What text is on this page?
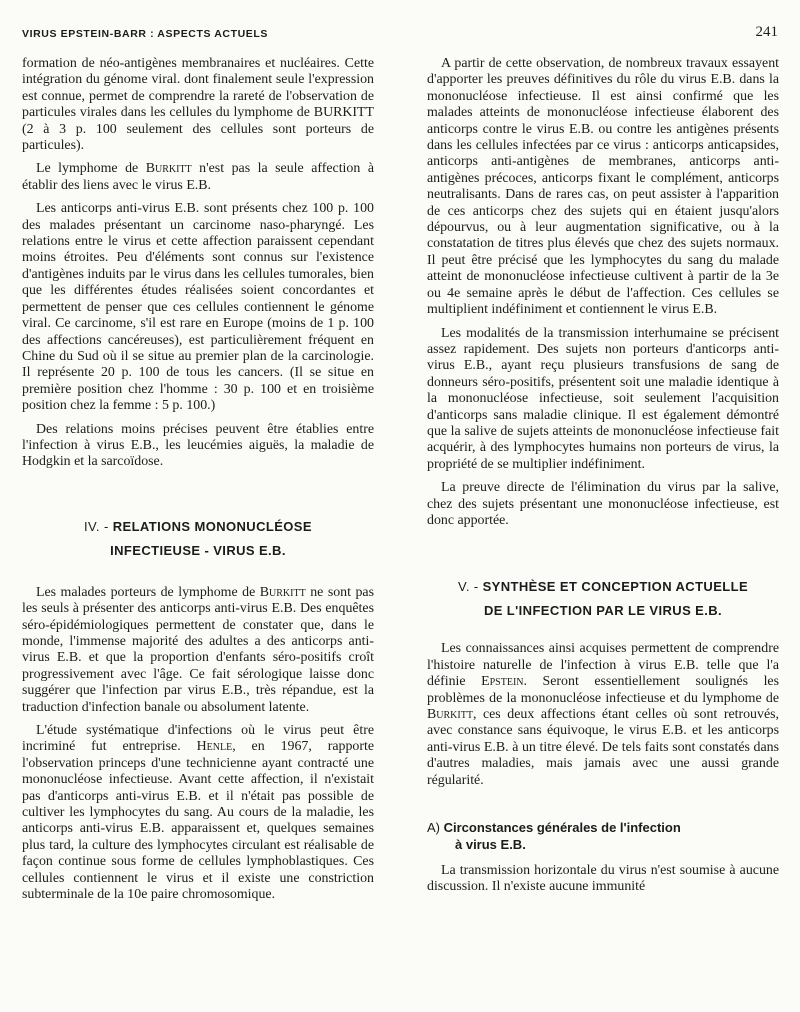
VIRUS EPSTEIN-BARR : ASPECTS ACTUELS	241

formation de néo-antigènes membranaires et nucléaires. Cette intégration du génome viral. dont finalement seule l'expression est connue, permet de comprendre la rareté de l'observation de particules virales dans les cellules du lymphome de BURKITT (2 à 3 p. 100 seulement des cellules sont porteurs de particules).

Le lymphome de Burkitt n'est pas la seule affection à établir des liens avec le virus E.B.

Les anticorps anti-virus E.B. sont présents chez 100 p. 100 des malades présentant un carcinome naso-pharyngé. Les relations entre le virus et cette affection paraissent cependant moins étroites. Peu d'éléments sont connus sur l'existence d'antigènes induits par le virus dans les cellules tumorales, bien que les différentes études réalisées soient concordantes et permettent de penser que ces cellules contiennent le génome viral. Ce carcinome, s'il est rare en Europe (moins de 1 p. 100 des affections cancéreuses), est particulièrement fréquent en Chine du Sud où il se situe au premier plan de la carcinologie. Il représente 20 p. 100 de tous les cancers. (Il se situe en première position chez l'homme : 30 p. 100 et en troisième position chez la femme : 5 p. 100.)

Des relations moins précises peuvent être établies entre l'infection à virus E.B., les leucémies aiguës, la maladie de Hodgkin et la sarcoïdose.

IV. - RELATIONS MONONUCLÉOSE
INFECTIEUSE - VIRUS E.B.

Les malades porteurs de lymphome de Burkitt ne sont pas les seuls à présenter des anticorps anti-virus E.B. Des enquêtes séro-épidémiologiques permettent de constater que, dans le monde, l'immense majorité des adultes a des anticorps anti-virus E.B. et que la proportion d'enfants séro-positifs croît progressivement avec l'âge. Ce fait sérologique laisse donc suggérer que l'infection par virus E.B., très répandue, est la traduction d'infection banale ou absolument latente.

L'étude systématique d'infections où le virus peut être incriminé fut entreprise. Henle, en 1967, rapporte l'observation princeps d'une technicienne ayant contracté une mononucléose infectieuse. Avant cette affection, il n'existait pas d'anticorps anti-virus E.B. et il n'était pas possible de cultiver les lymphocytes du sang. Au cours de la maladie, les anticorps anti-virus E.B. apparaissent et, quelques semaines plus tard, la culture des lymphocytes circulant est réalisable de façon continue sous forme de cellules lymphoblastiques. Ces cellules contiennent le virus et il existe une constriction subterminale de la 10e paire chromosomique.

A partir de cette observation, de nombreux travaux essayent d'apporter les preuves définitives du rôle du virus E.B. dans la mononucléose infectieuse. Il est ainsi confirmé que les malades atteints de mononucléose infectieuse élaborent des anticorps contre le virus E.B. ou contre les antigènes présents dans les cellules infectées par ce virus : anticorps anticapsides, anticorps anti-antigènes de membranes, anticorps anti-antigènes précoces, anticorps fixant le complément, anticorps neutralisants. Dans de rares cas, on peut assister à l'apparition de ces anticorps chez des sujets qui en étaient jusqu'alors dépourvus, ou à leur augmentation significative, ou à la constatation de titres plus élevés que chez des sujets normaux. Il peut être précisé que les lymphocytes du sang du malade atteint de mononucléose infectieuse cultivent à partir de la 3e ou 4e semaine après le début de l'affection. Ces cellules se multiplient indéfiniment et contiennent le virus E.B.

Les modalités de la transmission interhumaine se précisent assez rapidement. Des sujets non porteurs d'anticorps anti-virus E.B., ayant reçu plusieurs transfusions de sang de donneurs séro-positifs, présentent soit une maladie identique à la mononucléose infectieuse, soit seulement l'acquisition d'anticorps sans maladie clinique. Il est également démontré que la salive de sujets atteints de mononucléose infectieuse fait acquérir, à des lymphocytes humains non porteurs de virus, la propriété de se multiplier indéfiniment.

La preuve directe de l'élimination du virus par la salive, chez des sujets présentant une mononucléose infectieuse, est donc apportée.

V. - SYNTHÈSE ET CONCEPTION ACTUELLE
DE L'INFECTION PAR LE VIRUS E.B.

Les connaissances ainsi acquises permettent de comprendre l'histoire naturelle de l'infection à virus E.B. telle que l'a définie Epstein. Seront essentiellement soulignés les problèmes de la mononucléose infectieuse et du lymphome de Burkitt, ces deux affections étant celles où sont retrouvés, avec constance sans équivoque, le virus E.B. et les anticorps anti-virus E.B. à un titre élevé. De tels faits sont constatés dans d'autres maladies, mais jamais avec une aussi grande régularité.

A) Circonstances générales de l'infection
à virus E.B.

La transmission horizontale du virus n'est soumise à aucune discussion. Il n'existe aucune immunité
